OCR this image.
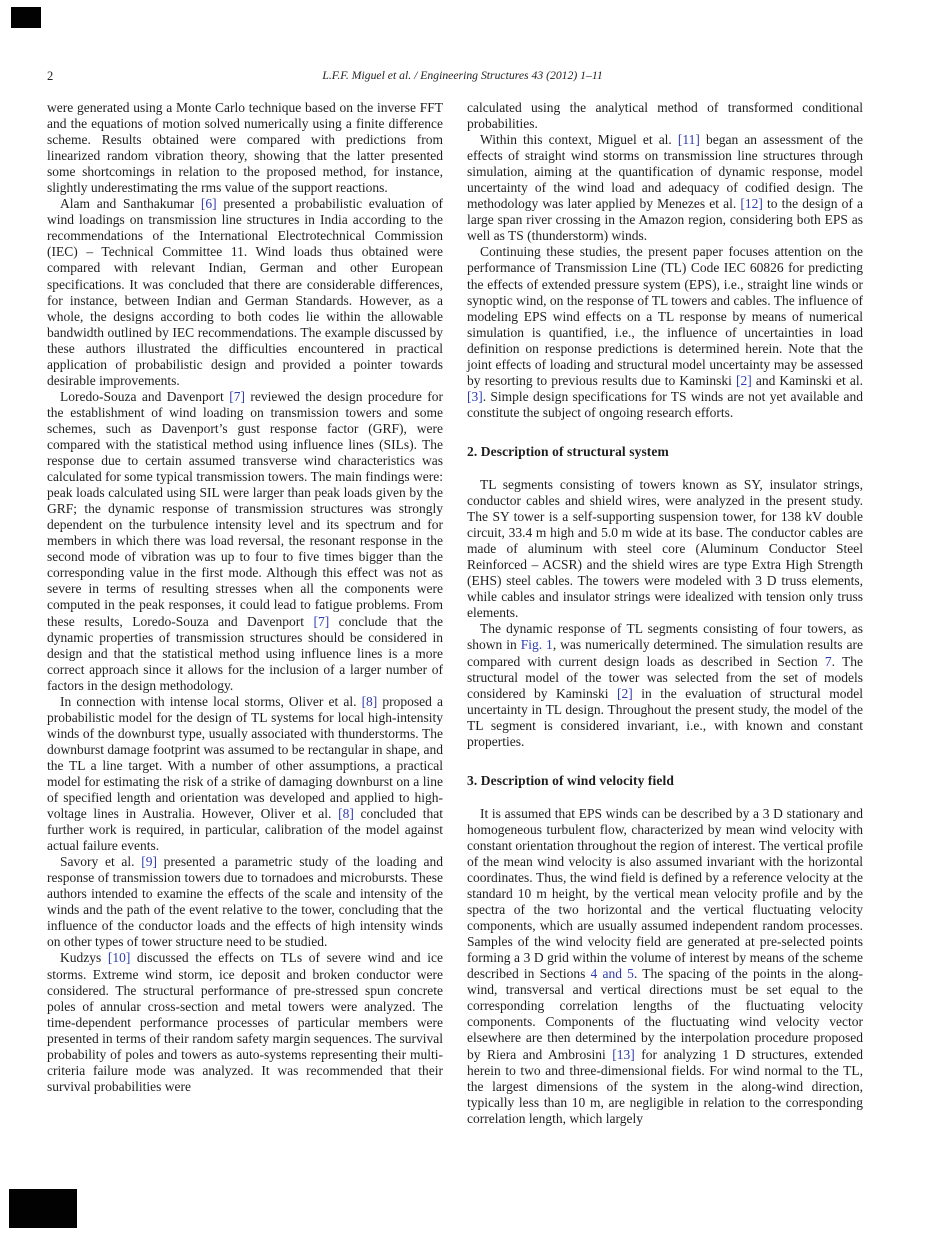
2	L.F.F. Miguel et al. / Engineering Structures 43 (2012) 1–11

were generated using a Monte Carlo technique based on the inverse FFT and the equations of motion solved numerically using a finite difference scheme. Results obtained were compared with predictions from linearized random vibration theory, showing that the latter presented some shortcomings in relation to the proposed method, for instance, slightly underestimating the rms value of the support reactions.

Alam and Santhakumar [6] presented a probabilistic evaluation of wind loadings on transmission line structures in India according to the recommendations of the International Electrotechnical Commission (IEC) – Technical Committee 11. Wind loads thus obtained were compared with relevant Indian, German and other European specifications. It was concluded that there are considerable differences, for instance, between Indian and German Standards. However, as a whole, the designs according to both codes lie within the allowable bandwidth outlined by IEC recommendations. The example discussed by these authors illustrated the difficulties encountered in practical application of probabilistic design and provided a pointer towards desirable improvements.

Loredo-Souza and Davenport [7] reviewed the design procedure for the establishment of wind loading on transmission towers and some schemes, such as Davenport’s gust response factor (GRF), were compared with the statistical method using influence lines (SILs). The response due to certain assumed transverse wind characteristics was calculated for some typical transmission towers. The main findings were: peak loads calculated using SIL were larger than peak loads given by the GRF; the dynamic response of transmission structures was strongly dependent on the turbulence intensity level and its spectrum and for members in which there was load reversal, the resonant response in the second mode of vibration was up to four to five times bigger than the corresponding value in the first mode. Although this effect was not as severe in terms of resulting stresses when all the components were computed in the peak responses, it could lead to fatigue problems. From these results, Loredo-Souza and Davenport [7] conclude that the dynamic properties of transmission structures should be considered in design and that the statistical method using influence lines is a more correct approach since it allows for the inclusion of a larger number of factors in the design methodology.

In connection with intense local storms, Oliver et al. [8] proposed a probabilistic model for the design of TL systems for local high-intensity winds of the downburst type, usually associated with thunderstorms. The downburst damage footprint was assumed to be rectangular in shape, and the TL a line target. With a number of other assumptions, a practical model for estimating the risk of a strike of damaging downburst on a line of specified length and orientation was developed and applied to high-voltage lines in Australia. However, Oliver et al. [8] concluded that further work is required, in particular, calibration of the model against actual failure events.

Savory et al. [9] presented a parametric study of the loading and response of transmission towers due to tornadoes and microbursts. These authors intended to examine the effects of the scale and intensity of the winds and the path of the event relative to the tower, concluding that the influence of the conductor loads and the effects of high intensity winds on other types of tower structure need to be studied.

Kudzys [10] discussed the effects on TLs of severe wind and ice storms. Extreme wind storm, ice deposit and broken conductor were considered. The structural performance of pre-stressed spun concrete poles of annular cross-section and metal towers were analyzed. The time-dependent performance processes of particular members were presented in terms of their random safety margin sequences. The survival probability of poles and towers as auto-systems representing their multi-criteria failure mode was analyzed. It was recommended that their survival probabilities were

calculated using the analytical method of transformed conditional probabilities.

Within this context, Miguel et al. [11] began an assessment of the effects of straight wind storms on transmission line structures through simulation, aiming at the quantification of dynamic response, model uncertainty of the wind load and adequacy of codified design. The methodology was later applied by Menezes et al. [12] to the design of a large span river crossing in the Amazon region, considering both EPS as well as TS (thunderstorm) winds.

Continuing these studies, the present paper focuses attention on the performance of Transmission Line (TL) Code IEC 60826 for predicting the effects of extended pressure system (EPS), i.e., straight line winds or synoptic wind, on the response of TL towers and cables. The influence of modeling EPS wind effects on a TL response by means of numerical simulation is quantified, i.e., the influence of uncertainties in load definition on response predictions is determined herein. Note that the joint effects of loading and structural model uncertainty may be assessed by resorting to previous results due to Kaminski [2] and Kaminski et al. [3]. Simple design specifications for TS winds are not yet available and constitute the subject of ongoing research efforts.

2. Description of structural system

TL segments consisting of towers known as SY, insulator strings, conductor cables and shield wires, were analyzed in the present study. The SY tower is a self-supporting suspension tower, for 138 kV double circuit, 33.4 m high and 5.0 m wide at its base. The conductor cables are made of aluminum with steel core (Aluminum Conductor Steel Reinforced – ACSR) and the shield wires are type Extra High Strength (EHS) steel cables. The towers were modeled with 3 D truss elements, while cables and insulator strings were idealized with tension only truss elements.

The dynamic response of TL segments consisting of four towers, as shown in Fig. 1, was numerically determined. The simulation results are compared with current design loads as described in Section 7. The structural model of the tower was selected from the set of models considered by Kaminski [2] in the evaluation of structural model uncertainty in TL design. Throughout the present study, the model of the TL segment is considered invariant, i.e., with known and constant properties.

3. Description of wind velocity field

It is assumed that EPS winds can be described by a 3 D stationary and homogeneous turbulent flow, characterized by mean wind velocity with constant orientation throughout the region of interest. The vertical profile of the mean wind velocity is also assumed invariant with the horizontal coordinates. Thus, the wind field is defined by a reference velocity at the standard 10 m height, by the vertical mean velocity profile and by the spectra of the two horizontal and the vertical fluctuating velocity components, which are usually assumed independent random processes. Samples of the wind velocity field are generated at pre-selected points forming a 3 D grid within the volume of interest by means of the scheme described in Sections 4 and 5. The spacing of the points in the along-wind, transversal and vertical directions must be set equal to the corresponding correlation lengths of the fluctuating velocity components. Components of the fluctuating wind velocity vector elsewhere are then determined by the interpolation procedure proposed by Riera and Ambrosini [13] for analyzing 1 D structures, extended herein to two and three-dimensional fields. For wind normal to the TL, the largest dimensions of the system in the along-wind direction, typically less than 10 m, are negligible in relation to the corresponding correlation length, which largely
